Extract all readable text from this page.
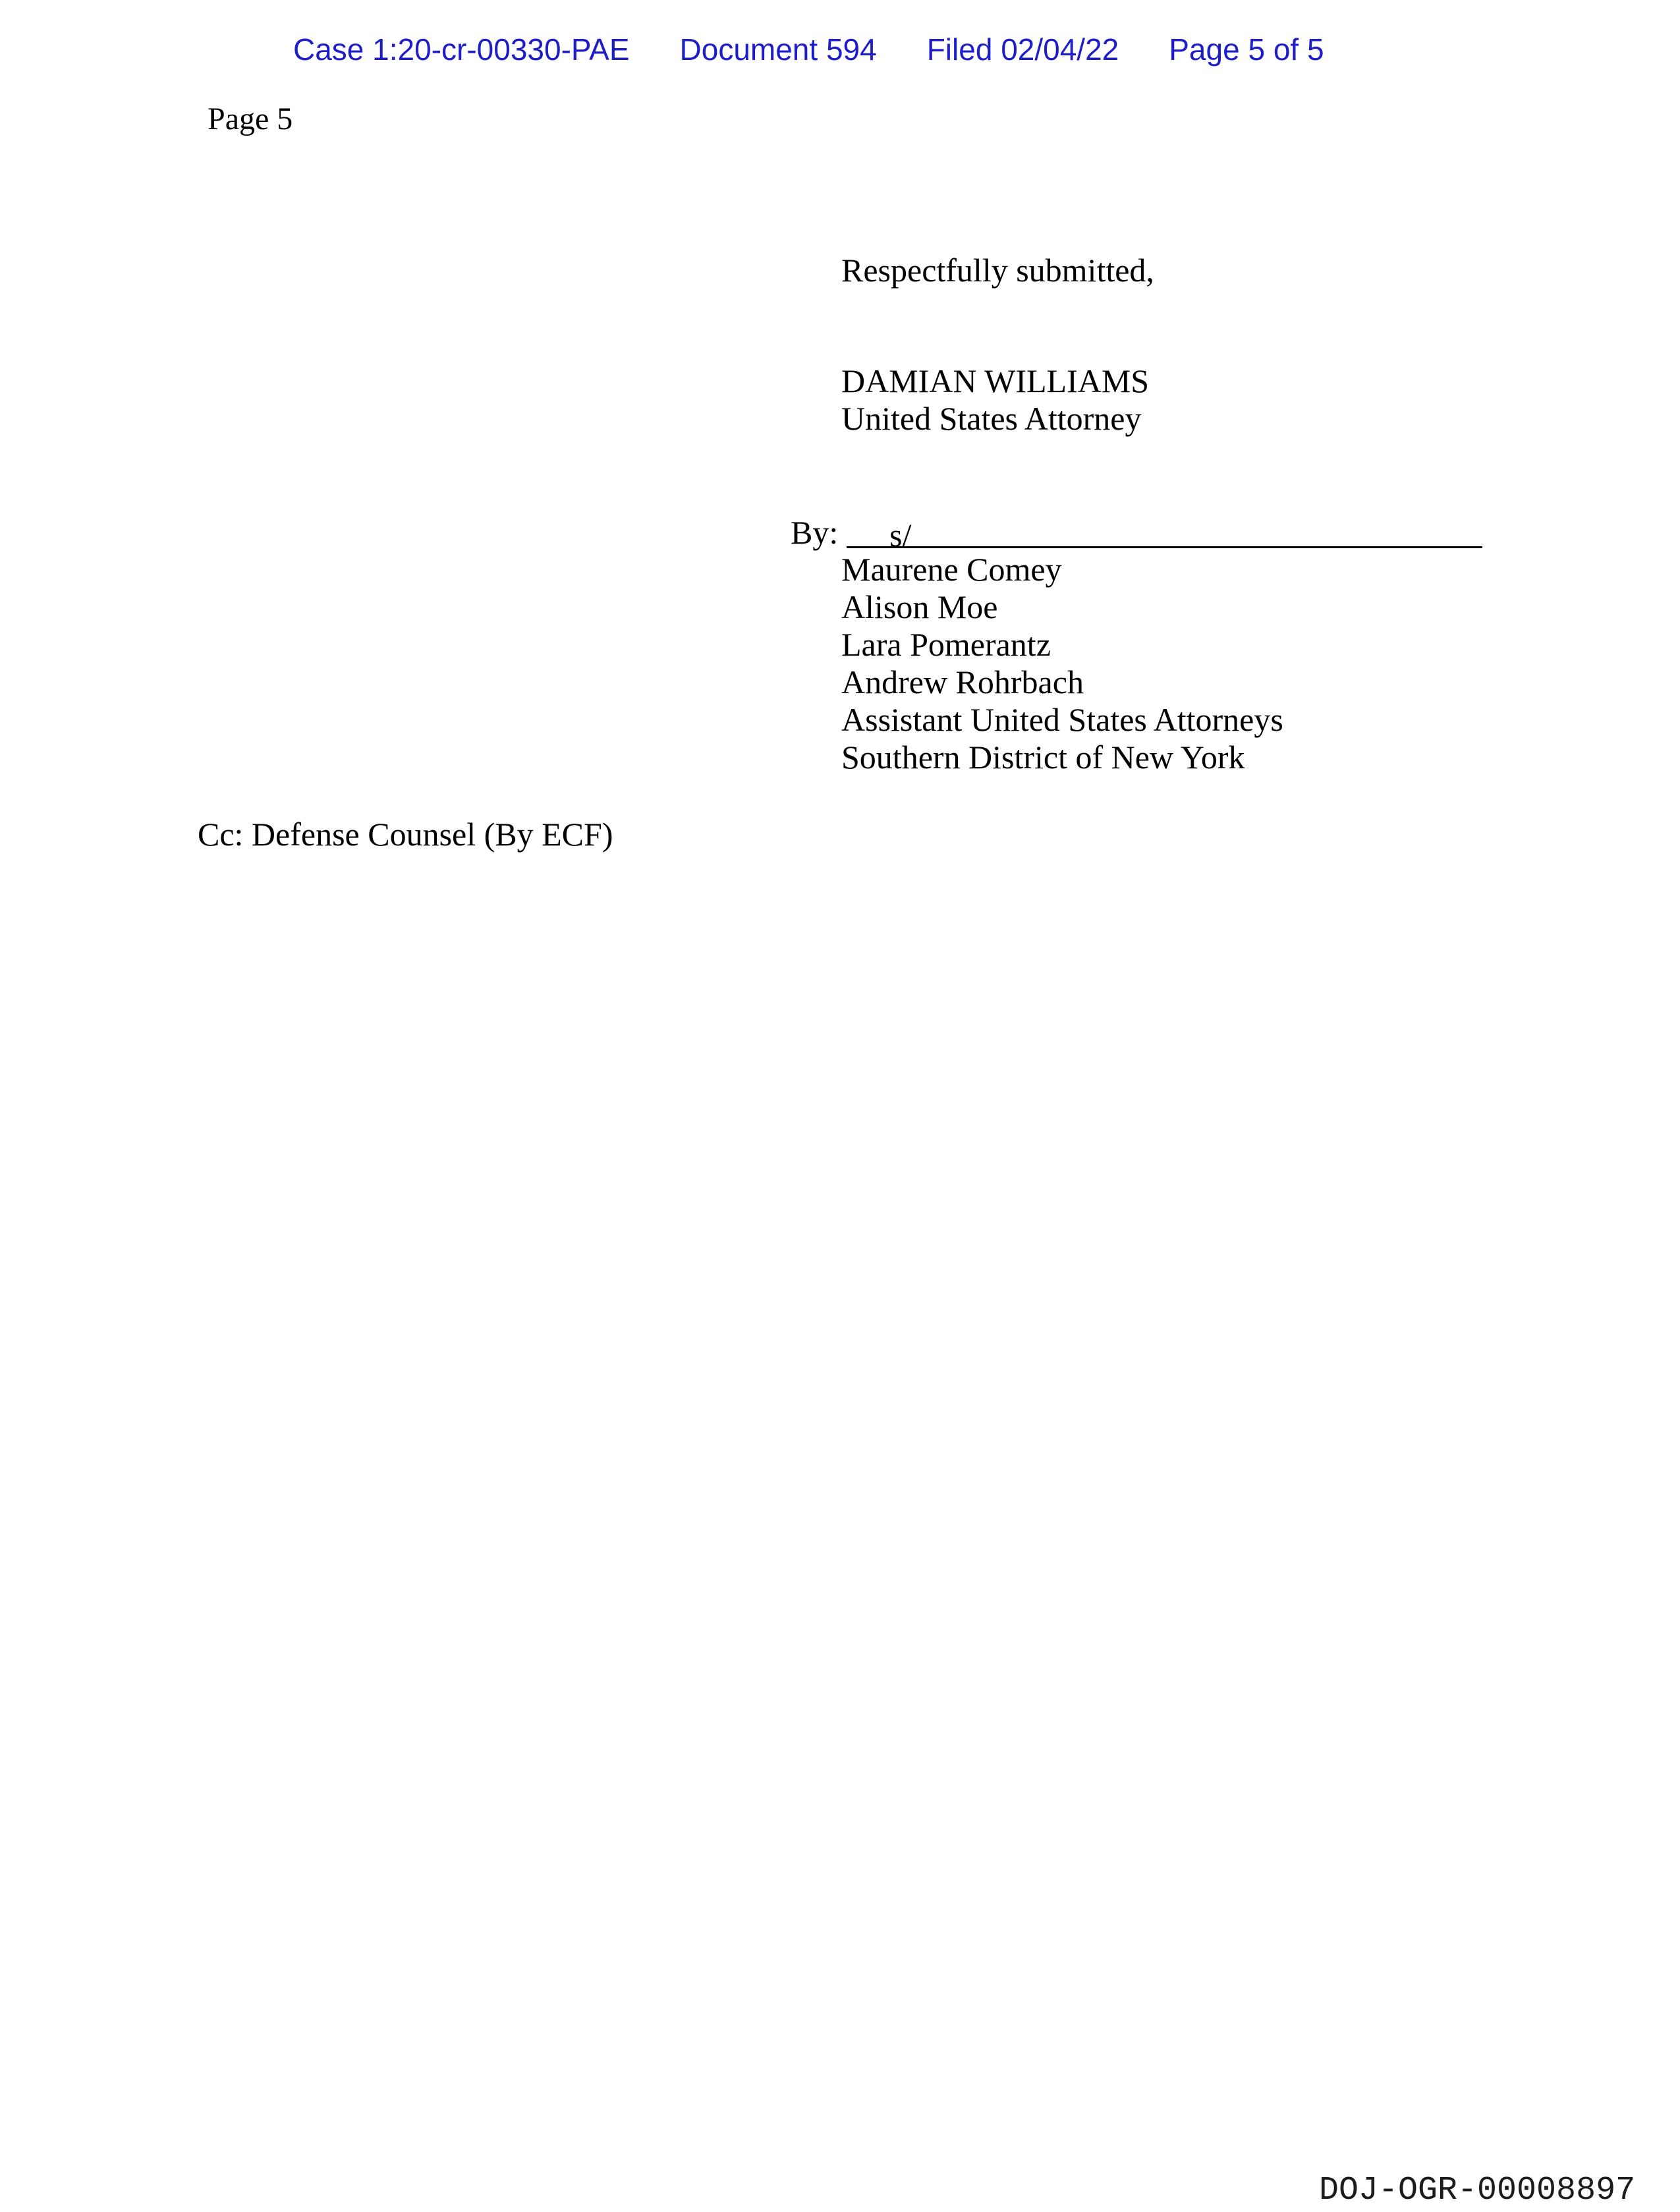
Case 1:20-cr-00330-PAE Document 594 Filed 02/04/22 Page 5 of 5
Page 5
Respectfully submitted,
DAMIAN WILLIAMS
United States Attorney
By: s/
Maurene Comey
Alison Moe
Lara Pomerantz
Andrew Rohrbach
Assistant United States Attorneys
Southern District of New York
Cc: Defense Counsel (By ECF)
DOJ-OGR-00008897
